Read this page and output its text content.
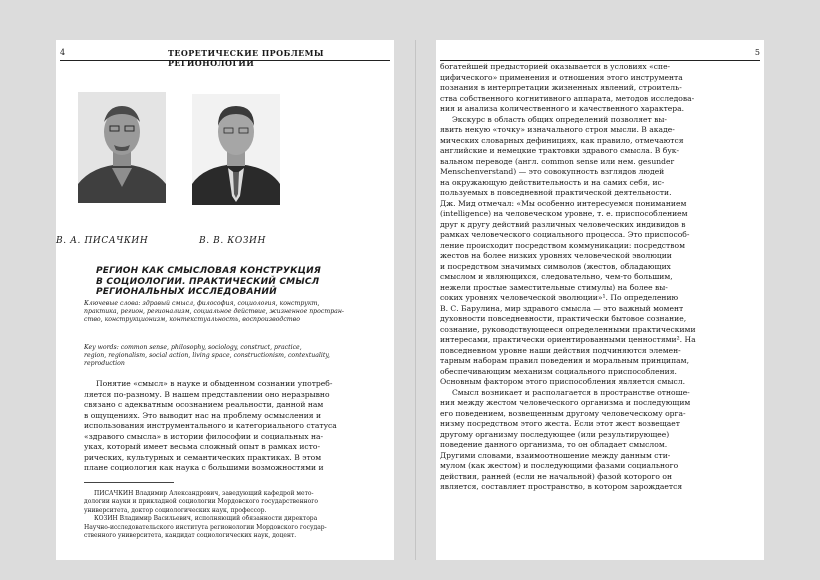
4	ТЕОРЕТИЧЕСКИЕ ПРОБЛЕМЫ РЕГИОНОЛОГИИ
В. А. ПИСАЧКИН	В. В. КОЗИН
РЕГИОН КАК СМЫСЛОВАЯ КОНСТРУКЦИЯ
В СОЦИОЛОГИИ. ПРАКТИЧЕСКИЙ СМЫСЛ
РЕГИОНАЛЬНЫХ ИССЛЕДОВАНИЙ
Ключевые слова: здравый смысл, философия, социология, конструкт,
практика, регион, регионализм, социальное действие, жизненное простран-
ство, конструкционизм, контекстуальность, воспроизводство
Key words: common sense, philosophy, sociology, construct, practice,
region, regionalism, social action, living space, constructionism, contextuality,
reproduction
Понятие «смысл» в науке и обыденном сознании употреб-
ляется по-разному. В нашем представлении оно неразрывно
связано с адекватным осознанием реальности, данной нам
в ощущениях. Это выводит нас на проблему осмысления и
использования инструментального и категориального статуса
«здравого смысла» в истории философии и социальных на-
уках, который имеет весьма сложный опыт в рамках исто-
рических, культурных и семантических практиках. В этом
плане социология как наука с большими возможностями и
ПИСАЧКИН Владимир Александрович, заведующий кафедрой мето-
дологии науки и прикладной социологии Мордовского государственного
университета, доктор социологических наук, профессор.
КОЗИН Владимир Васильевич, исполняющий обязанности директора
Научно-исследовательского института регионологии Мордовского государ-
ственного университета, кандидат социологических наук, доцент.
5
богатейшей предысторией оказывается в условиях «спе-
цифического» применения и отношения этого инструмента
познания в интерпретации жизненных явлений, строитель-
ства собственного когнитивного аппарата, методов исследова-
ния и анализа количественного и качественного характера.
Экскурс в область общих определений позволяет вы-
явить некую «точку» изначального строя мысли. В акаде-
мических словарных дефинициях, как правило, отмечаются
английские и немецкие трактовки здравого смысла. В бук-
вальном переводе (англ. common sense или нем. gesunder
Menschenverstand) — это совокупность взглядов людей
на окружающую действительность и на самих себя, ис-
пользуемых в повседневной практической деятельности.
Дж. Мид отмечал: «Мы особенно интересуемся пониманием
(intelligence) на человеческом уровне, т. е. приспособлением
друг к другу действий различных человеческих индивидов в
рамках человеческого социального процесса. Это приспособ-
ление происходит посредством коммуникации: посредством
жестов на более низких уровнях человеческой эволюции
и посредством значимых символов (жестов, обладающих
смыслом и являющихся, следовательно, чем-то большим,
нежели простые заместительные стимулы) на более вы-
соких уровнях человеческой эволюции»¹. По определению
В. С. Барулина, мир здравого смысла — это важный момент
духовности повседневности, практически бытовое сознание,
сознание, руководствующееся определенными практическими
интересами, практически ориентированными ценностями². На
повседневном уровне наши действия подчиняются элемен-
тарным наборам правил поведения и моральным принципам,
обеспечивающим механизм социального приспособления.
Основным фактором этого приспособления является смысл.
Смысл возникает и располагается в пространстве отноше-
ния между жестом человеческого организма и последующим
его поведением, возвещенным другому человеческому орга-
низму посредством этого жеста. Если этот жест возвещает
другому организму последующее (или результирующее)
поведение данного организма, то он обладает смыслом.
Другими словами, взаимоотношение между данным сти-
мулом (как жестом) и последующими фазами социального
действия, ранней (если не начальной) фазой которого он
является, составляет пространство, в котором зарождается
